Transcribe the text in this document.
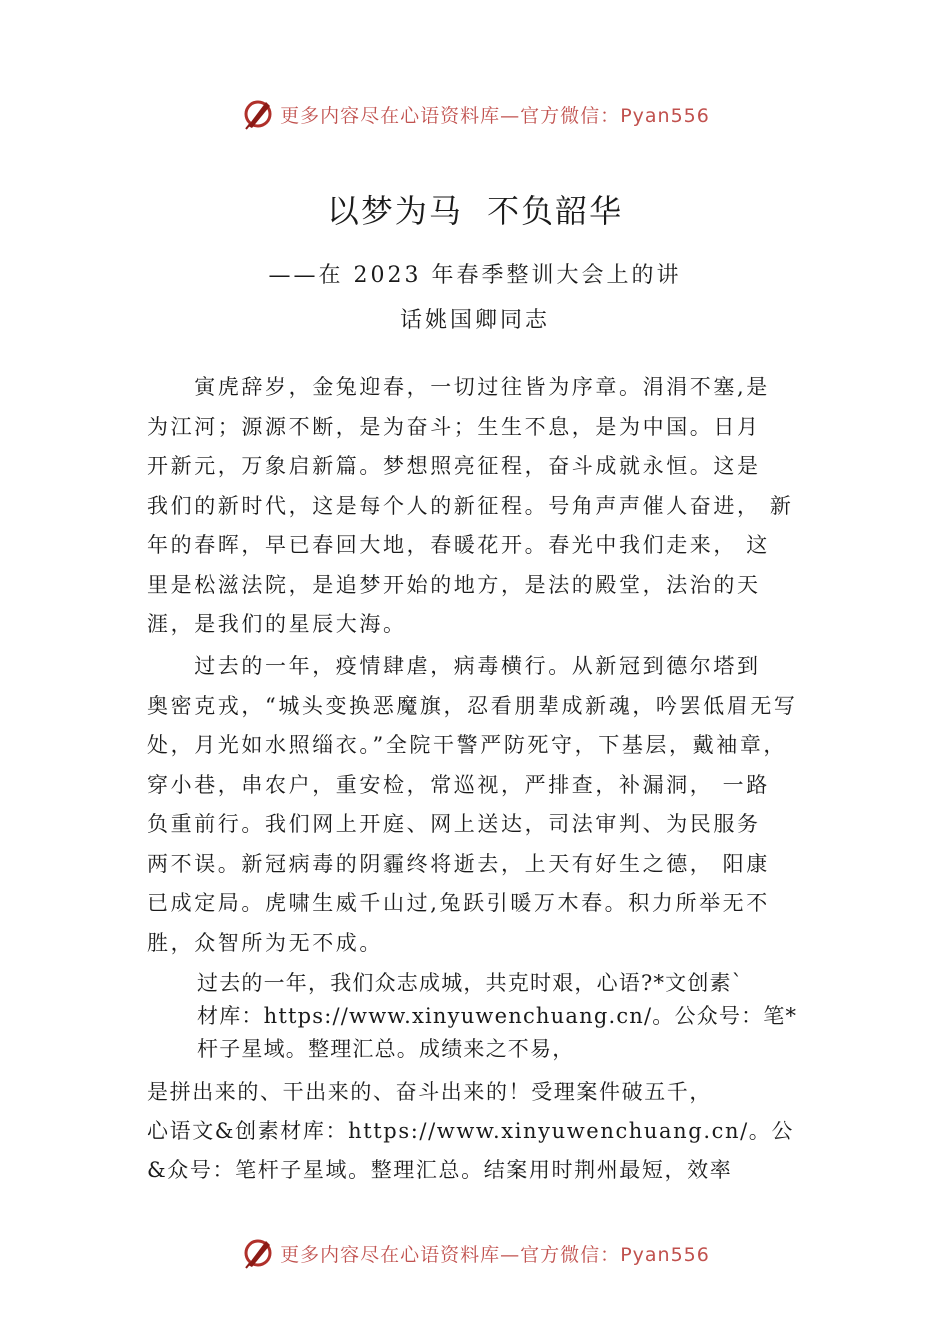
更多内容尽在心语资料库—官方微信：Pyan556
以梦为马  不负韶华

——在 2023 年春季整训大会上的讲

话姚国卿同志

　　寅虎辞岁，金兔迎春，一切过往皆为序章。涓涓不塞,是
为江河；源源不断，是为奋斗；生生不息，是为中国。日月
开新元，万象启新篇。梦想照亮征程，奋斗成就永恒。这是
我们的新时代，这是每个人的新征程。号角声声催人奋进， 新
年的春晖，早已春回大地，春暖花开。春光中我们走来， 这
里是松滋法院，是追梦开始的地方，是法的殿堂，法治的天
涯，是我们的星辰大海。
　　过去的一年，疫情肆虐，病毒横行。从新冠到德尔塔到
奥密克戎，“城头变换恶魔旗，忍看朋辈成新魂，吟罢低眉无写
处，月光如水照缁衣。”全院干警严防死守，下基层，戴袖章，
穿小巷，串农户，重安检，常巡视，严排查，补漏洞， 一路
负重前行。我们网上开庭、网上送达，司法审判、为民服务
两不误。新冠病毒的阴霾终将逝去，上天有好生之德， 阳康
已成定局。虎啸生威千山过,兔跃引暖万木春。积力所举无不
胜，众智所为无不成。
过去的一年，我们众志成城，共克时艰，心语?*文创素`
材库：https://www.xinyuwenchuang.cn/。公众号：笔*
杆子星域。整理汇总。成绩来之不易，
是拼出来的、干出来的、奋斗出来的！受理案件破五千，
心语文&创素材库：https://www.xinyuwenchuang.cn/。公
&众号：笔杆子星域。整理汇总。结案用时荆州最短，效率
更多内容尽在心语资料库—官方微信：Pyan556
